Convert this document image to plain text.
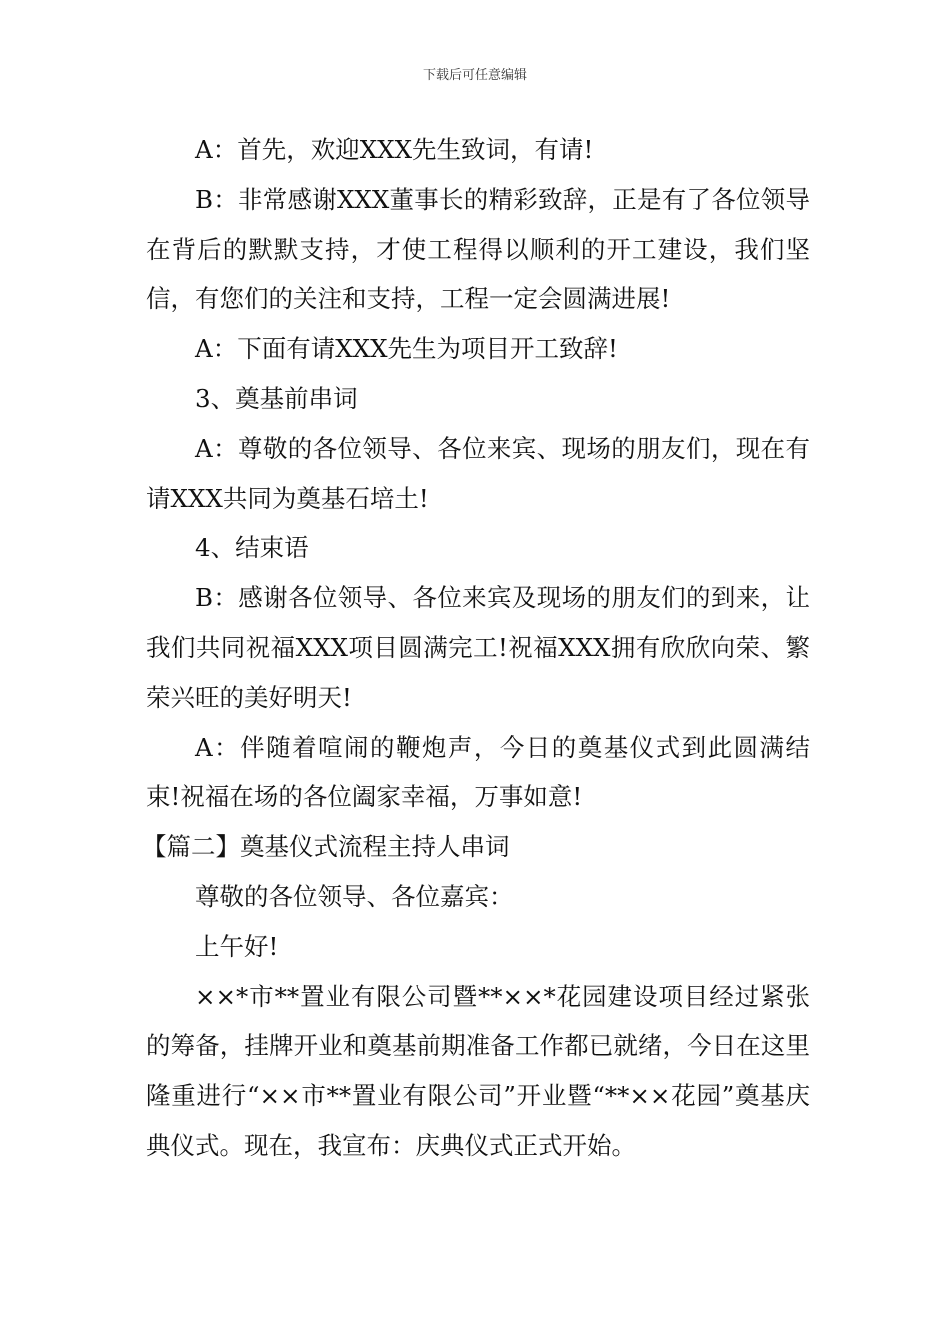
下载后可任意编辑

A：首先，欢迎XXX先生致词，有请!

B：非常感谢XXX董事长的精彩致辞，正是有了各位领导在背后的默默支持，才使工程得以顺利的开工建设，我们坚信，有您们的关注和支持，工程一定会圆满进展!

A：下面有请XXX先生为项目开工致辞!

3、奠基前串词

A：尊敬的各位领导、各位来宾、现场的朋友们，现在有请XXX共同为奠基石培土!

4、结束语

B：感谢各位领导、各位来宾及现场的朋友们的到来，让我们共同祝福XXX项目圆满完工!祝福XXX拥有欣欣向荣、繁荣兴旺的美好明天!

A：伴随着喧闹的鞭炮声，今日的奠基仪式到此圆满结束!祝福在场的各位阖家幸福，万事如意!

【篇二】奠基仪式流程主持人串词

尊敬的各位领导、各位嘉宾：

上午好!

××*市**置业有限公司暨**××*花园建设项目经过紧张的筹备，挂牌开业和奠基前期准备工作都已就绪，今日在这里隆重进行“××市**置业有限公司”开业暨“**××花园”奠基庆典仪式。现在，我宣布：庆典仪式正式开始。
